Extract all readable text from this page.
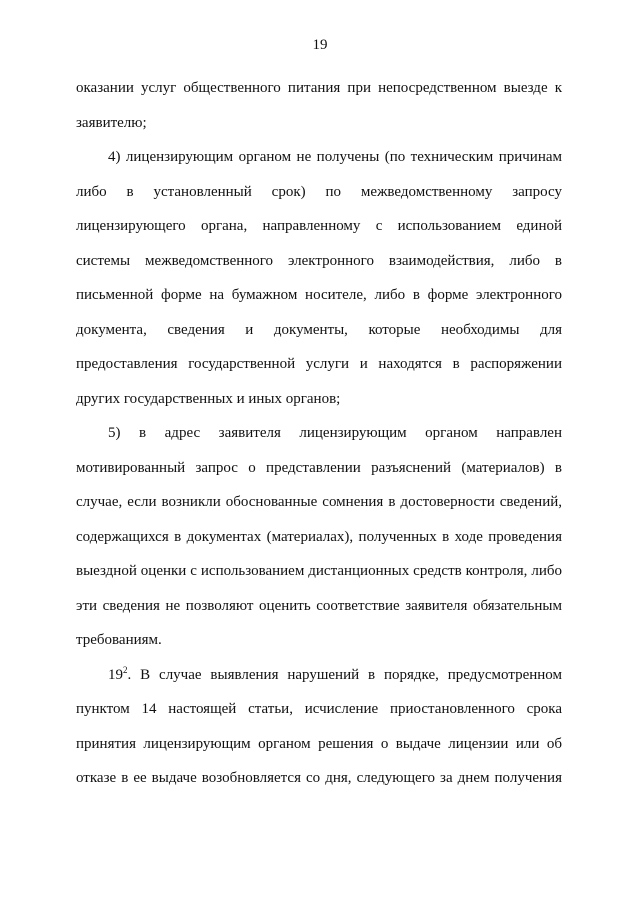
19

оказании услуг общественного питания при непосредственном выезде к заявителю;

4) лицензирующим органом не получены (по техническим причинам либо в установленный срок) по межведомственному запросу лицензирующего органа, направленному с использованием единой системы межведомственного электронного взаимодействия, либо в письменной форме на бумажном носителе, либо в форме электронного документа, сведения и документы, которые необходимы для предоставления государственной услуги и находятся в распоряжении других государственных и иных органов;

5) в адрес заявителя лицензирующим органом направлен мотивированный запрос о представлении разъяснений (материалов) в случае, если возникли обоснованные сомнения в достоверности сведений, содержащихся в документах (материалах), полученных в ходе проведения выездной оценки с использованием дистанционных средств контроля, либо эти сведения не позволяют оценить соответствие заявителя обязательным требованиям.

$19^2$. В случае выявления нарушений в порядке, предусмотренном пунктом 14 настоящей статьи, исчисление приостановленного срока принятия лицензирующим органом решения о выдаче лицензии или об отказе в ее выдаче возобновляется со дня, следующего за днем получения
